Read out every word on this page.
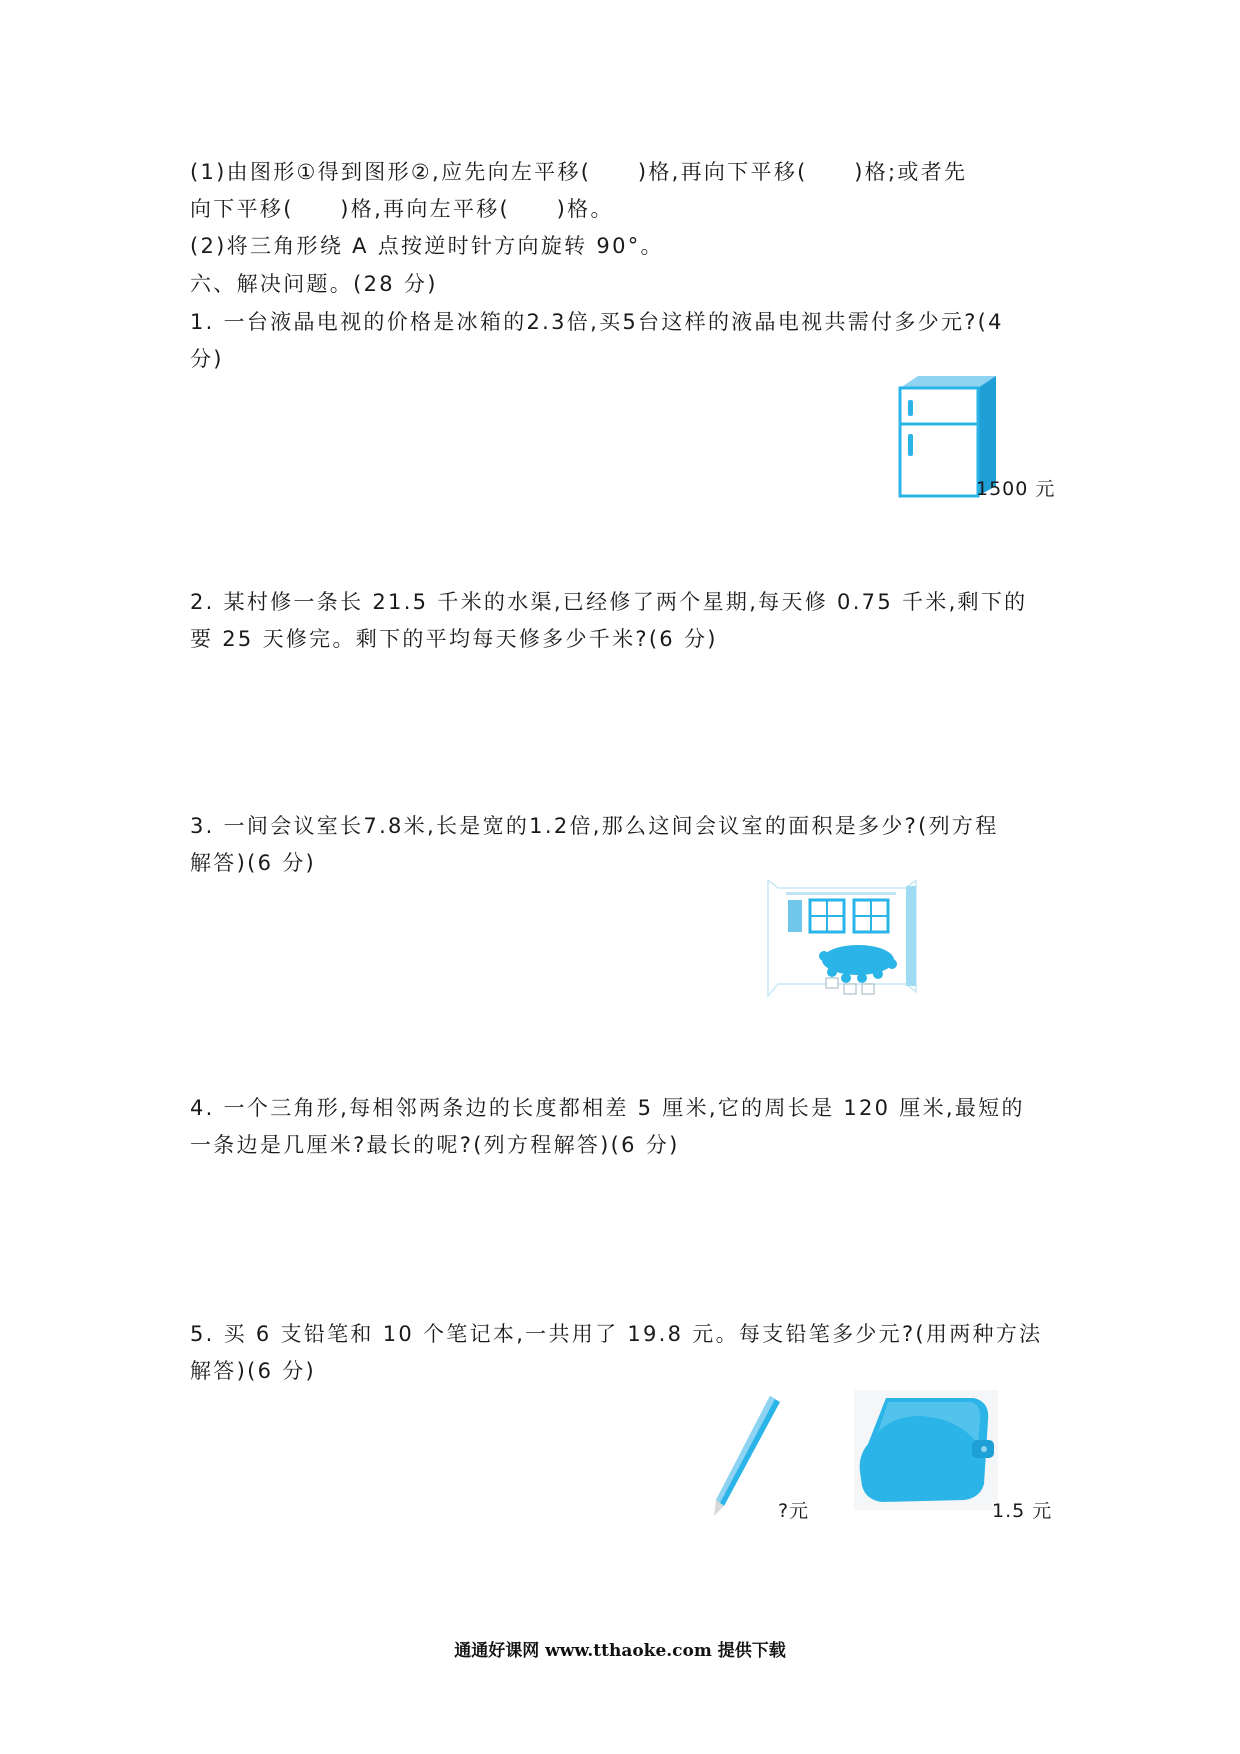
(1)由图形①得到图形②,应先向左平移(　　)格,再向下平移(　　)格;或者先
向下平移(　　)格,再向左平移(　　)格。
(2)将三角形绕 A 点按逆时针方向旋转 90°。
六、解决问题。(28 分)
1. 一台液晶电视的价格是冰箱的2.3倍,买5台这样的液晶电视共需付多少元?(4
分)
1500 元
2. 某村修一条长 21.5 千米的水渠,已经修了两个星期,每天修 0.75 千米,剩下的
要 25 天修完。剩下的平均每天修多少千米?(6 分)
3. 一间会议室长7.8米,长是宽的1.2倍,那么这间会议室的面积是多少?(列方程
解答)(6 分)
4. 一个三角形,每相邻两条边的长度都相差 5 厘米,它的周长是 120 厘米,最短的
一条边是几厘米?最长的呢?(列方程解答)(6 分)
5. 买 6 支铅笔和 10 个笔记本,一共用了 19.8 元。每支铅笔多少元?(用两种方法
解答)(6 分)
?元	1.5 元
通通好课网 www.tthaoke.com 提供下载
